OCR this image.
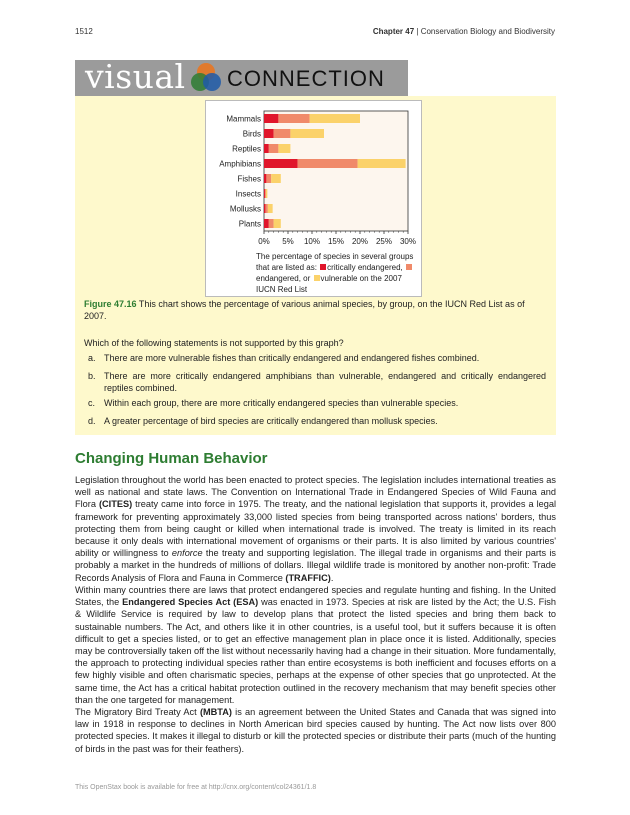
1512	Chapter 47 | Conservation Biology and Biodiversity
visual CONNECTION
Mammals
Birds
Reptiles
Amphibians
Fishes
Insects
Mollusks
Plants
0% 5% 10% 15% 20% 25% 30%
The percentage of species in several groups that are listed as: critically endangered, endangered, or vulnerable on the 2007 IUCN Red List
Figure 47.16 This chart shows the percentage of various animal species, by group, on the IUCN Red List as of 2007.
Which of the following statements is not supported by this graph?
a. There are more vulnerable fishes than critically endangered and endangered fishes combined.
b. There are more critically endangered amphibians than vulnerable, endangered and critically endangered reptiles combined.
c. Within each group, there are more critically endangered species than vulnerable species.
d. A greater percentage of bird species are critically endangered than mollusk species.
Changing Human Behavior
Legislation throughout the world has been enacted to protect species. The legislation includes international treaties as well as national and state laws. The Convention on International Trade in Endangered Species of Wild Fauna and Flora (CITES) treaty came into force in 1975. The treaty, and the national legislation that supports it, provides a legal framework for preventing approximately 33,000 listed species from being transported across nations' borders, thus protecting them from being caught or killed when international trade is involved. The treaty is limited in its reach because it only deals with international movement of organisms or their parts. It is also limited by various countries' ability or willingness to enforce the treaty and supporting legislation. The illegal trade in organisms and their parts is probably a market in the hundreds of millions of dollars. Illegal wildlife trade is monitored by another non-profit: Trade Records Analysis of Flora and Fauna in Commerce (TRAFFIC).
Within many countries there are laws that protect endangered species and regulate hunting and fishing. In the United States, the Endangered Species Act (ESA) was enacted in 1973. Species at risk are listed by the Act; the U.S. Fish & Wildlife Service is required by law to develop plans that protect the listed species and bring them back to sustainable numbers. The Act, and others like it in other countries, is a useful tool, but it suffers because it is often difficult to get a species listed, or to get an effective management plan in place once it is listed. Additionally, species may be controversially taken off the list without necessarily having had a change in their situation. More fundamentally, the approach to protecting individual species rather than entire ecosystems is both inefficient and focuses efforts on a few highly visible and often charismatic species, perhaps at the expense of other species that go unprotected. At the same time, the Act has a critical habitat protection outlined in the recovery mechanism that may benefit species other than the one targeted for management.
The Migratory Bird Treaty Act (MBTA) is an agreement between the United States and Canada that was signed into law in 1918 in response to declines in North American bird species caused by hunting. The Act now lists over 800 protected species. It makes it illegal to disturb or kill the protected species or distribute their parts (much of the hunting of birds in the past was for their feathers).
This OpenStax book is available for free at http://cnx.org/content/col24361/1.8
